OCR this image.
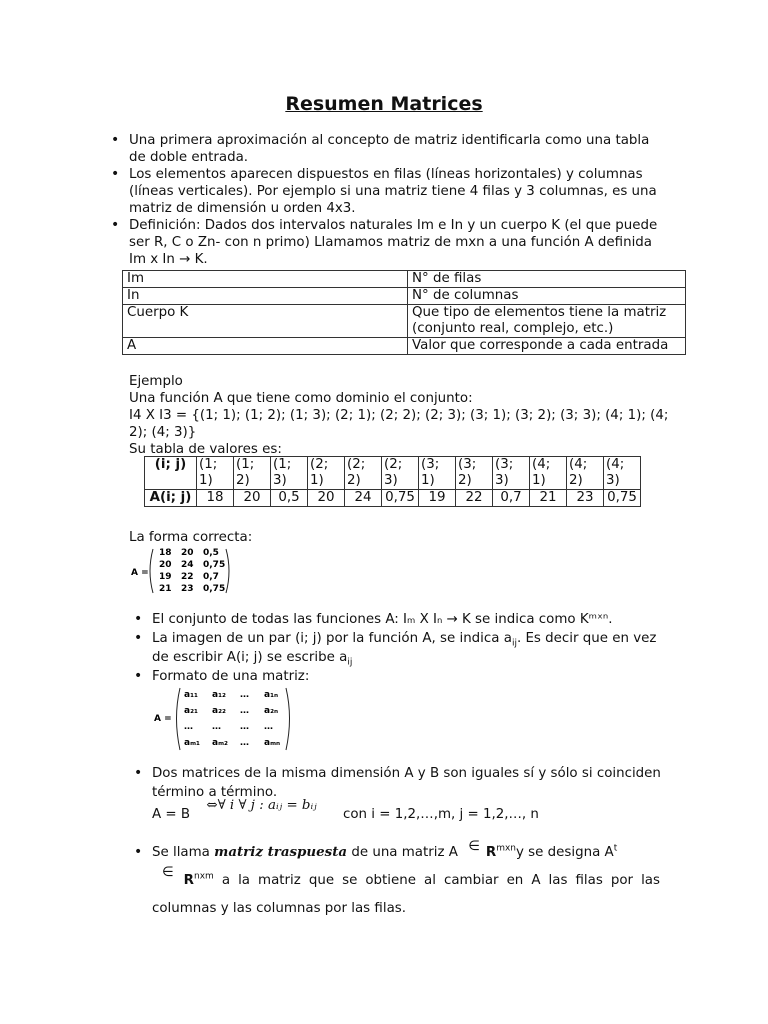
Resumen Matrices
• Una primera aproximación al concepto de matriz identificarla como una tabla de doble entrada.
• Los elementos aparecen dispuestos en filas (líneas horizontales) y columnas (líneas verticales). Por ejemplo si una matriz tiene 4 filas y 3 columnas, es una matriz de dimensión u orden 4x3.
• Definición: Dados dos intervalos naturales Im e In y un cuerpo K (el que puede ser R, C o Zn- con n primo) Llamamos matriz de mxn a una función A definida Im x In → K.
Im	N° de filas
In	N° de columnas
Cuerpo K	Que tipo de elementos tiene la matriz (conjunto real, complejo, etc.)
A	Valor que corresponde a cada entrada
Ejemplo
Una función A que tiene como dominio el conjunto:
I4 X I3 = {(1; 1); (1; 2); (1; 3); (2; 1); (2; 2); (2; 3); (3; 1); (3; 2); (3; 3); (4; 1); (4; 2); (4; 3)}
Su tabla de valores es:
(i; j)	(1; 1)	(1; 2)	(1; 3)	(2; 1)	(2; 2)	(2; 3)	(3; 1)	(3; 2)	(3; 3)	(4; 1)	(4; 2)	(4; 3)
A(i; j)	18	20	0,5	20	24	0,75	19	22	0,7	21	23	0,75
La forma correcta:
A =
18 20 0,5
20 24 0,75
19 22 0,7
21 23 0,75
• El conjunto de todas las funciones A: Iₘ X Iₙ → K se indica como Kᵐˣⁿ.
• La imagen de un par (i; j) por la función A, se indica $a_{ij}$. Es decir que en vez de escribir A(i; j) se escribe $a_{ij}$
• Formato de una matriz:
A =
a₁₁ a₁₂ … a₁ₙ
a₂₁ a₂₂ … a₂ₙ
… … … …
aₘ₁ aₘ₂ … aₘₙ
• Dos matrices de la misma dimensión A y B son iguales sí y sólo si coinciden término a término.
A = B ⇔∀ i ∀ j : aᵢⱼ = bᵢⱼ con i = 1,2,…,m, j = 1,2,…, n
• Se llama matriz traspuesta de una matriz A ∈ $R^{mxn}y$ se designa $A^t$
$\in R^{nxm}$ a la matriz que se obtiene al cambiar en A las filas por las columnas y las columnas por las filas.
